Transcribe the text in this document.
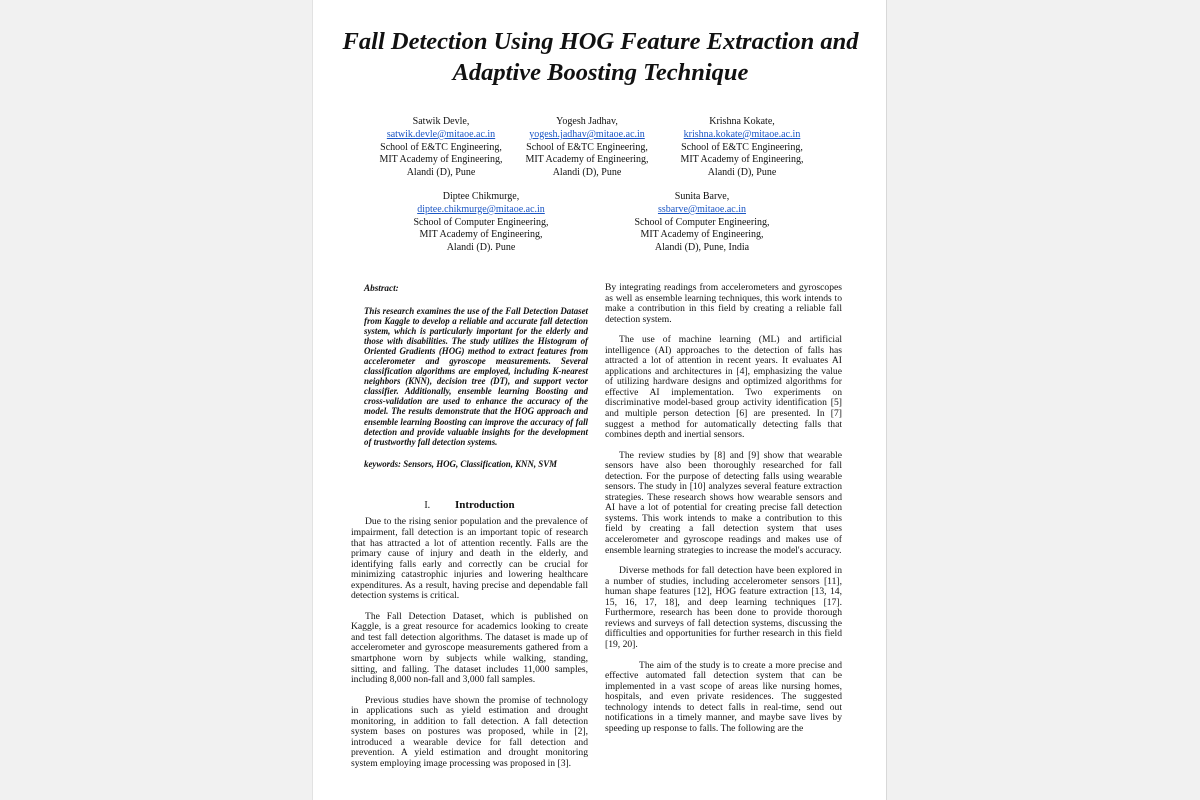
Fall Detection Using HOG Feature Extraction and
Adaptive Boosting Technique
Satwik Devle,
satwik.devle@mitaoe.ac.in
School of E&TC Engineering,
MIT Academy of Engineering,
Alandi (D), Pune
Yogesh Jadhav,
yogesh.jadhav@mitaoe.ac.in
School of E&TC Engineering,
MIT Academy of Engineering,
Alandi (D), Pune
Krishna Kokate,
krishna.kokate@mitaoe.ac.in
School of E&TC Engineering,
MIT Academy of Engineering,
Alandi (D), Pune
Diptee Chikmurge,
diptee.chikmurge@mitaoe.ac.in
School of Computer Engineering,
MIT Academy of Engineering,
Alandi (D). Pune
Sunita Barve,
ssbarve@mitaoe.ac.in
School of Computer Engineering,
MIT Academy of Engineering,
Alandi (D), Pune, India

Abstract:

This research examines the use of the Fall Detection Dataset from Kaggle to develop a reliable and accurate fall detection system, which is particularly important for the elderly and those with disabilities. The study utilizes the Histogram of Oriented Gradients (HOG) method to extract features from accelerometer and gyroscope measurements. Several classification algorithms are employed, including K-nearest neighbors (KNN), decision tree (DT), and support vector classifier. Additionally, ensemble learning Boosting and cross-validation are used to enhance the accuracy of the model. The results demonstrate that the HOG approach and ensemble learning Boosting can improve the accuracy of fall detection and provide valuable insights for the development of trustworthy fall detection systems.

keywords: Sensors, HOG, Classification, KNN, SVM

I. Introduction

Due to the rising senior population and the prevalence of impairment, fall detection is an important topic of research that has attracted a lot of attention recently. Falls are the primary cause of injury and death in the elderly, and identifying falls early and correctly can be crucial for minimizing catastrophic injuries and lowering healthcare expenditures. As a result, having precise and dependable fall detection systems is critical.

The Fall Detection Dataset, which is published on Kaggle, is a great resource for academics looking to create and test fall detection algorithms. The dataset is made up of accelerometer and gyroscope measurements gathered from a smartphone worn by subjects while walking, standing, sitting, and falling. The dataset includes 11,000 samples, including 8,000 non-fall and 3,000 fall samples.

Previous studies have shown the promise of technology in applications such as yield estimation and drought monitoring, in addition to fall detection. A fall detection system bases on postures was proposed, while in [2], introduced a wearable device for fall detection and prevention. A yield estimation and drought monitoring system employing image processing was proposed in [3].

By integrating readings from accelerometers and gyroscopes as well as ensemble learning techniques, this work intends to make a contribution in this field by creating a reliable fall detection system.

The use of machine learning (ML) and artificial intelligence (AI) approaches to the detection of falls has attracted a lot of attention in recent years. It evaluates AI applications and architectures in [4], emphasizing the value of utilizing hardware designs and optimized algorithms for effective AI implementation. Two experiments on discriminative model-based group activity identification [5] and multiple person detection [6] are presented. In [7] suggest a method for automatically detecting falls that combines depth and inertial sensors.

The review studies by [8] and [9] show that wearable sensors have also been thoroughly researched for fall detection. For the purpose of detecting falls using wearable sensors. The study in [10] analyzes several feature extraction strategies. These research shows how wearable sensors and AI have a lot of potential for creating precise fall detection systems. This work intends to make a contribution to this field by creating a fall detection system that uses accelerometer and gyroscope readings and makes use of ensemble learning strategies to increase the model's accuracy.

Diverse methods for fall detection have been explored in a number of studies, including accelerometer sensors [11], human shape features [12], HOG feature extraction [13, 14, 15, 16, 17, 18], and deep learning techniques [17]. Furthermore, research has been done to provide thorough reviews and surveys of fall detection systems, discussing the difficulties and opportunities for further research in this field [19, 20].

The aim of the study is to create a more precise and effective automated fall detection system that can be implemented in a vast scope of areas like nursing homes, hospitals, and even private residences. The suggested technology intends to detect falls in real-time, send out notifications in a timely manner, and maybe save lives by speeding up response to falls. The following are the
